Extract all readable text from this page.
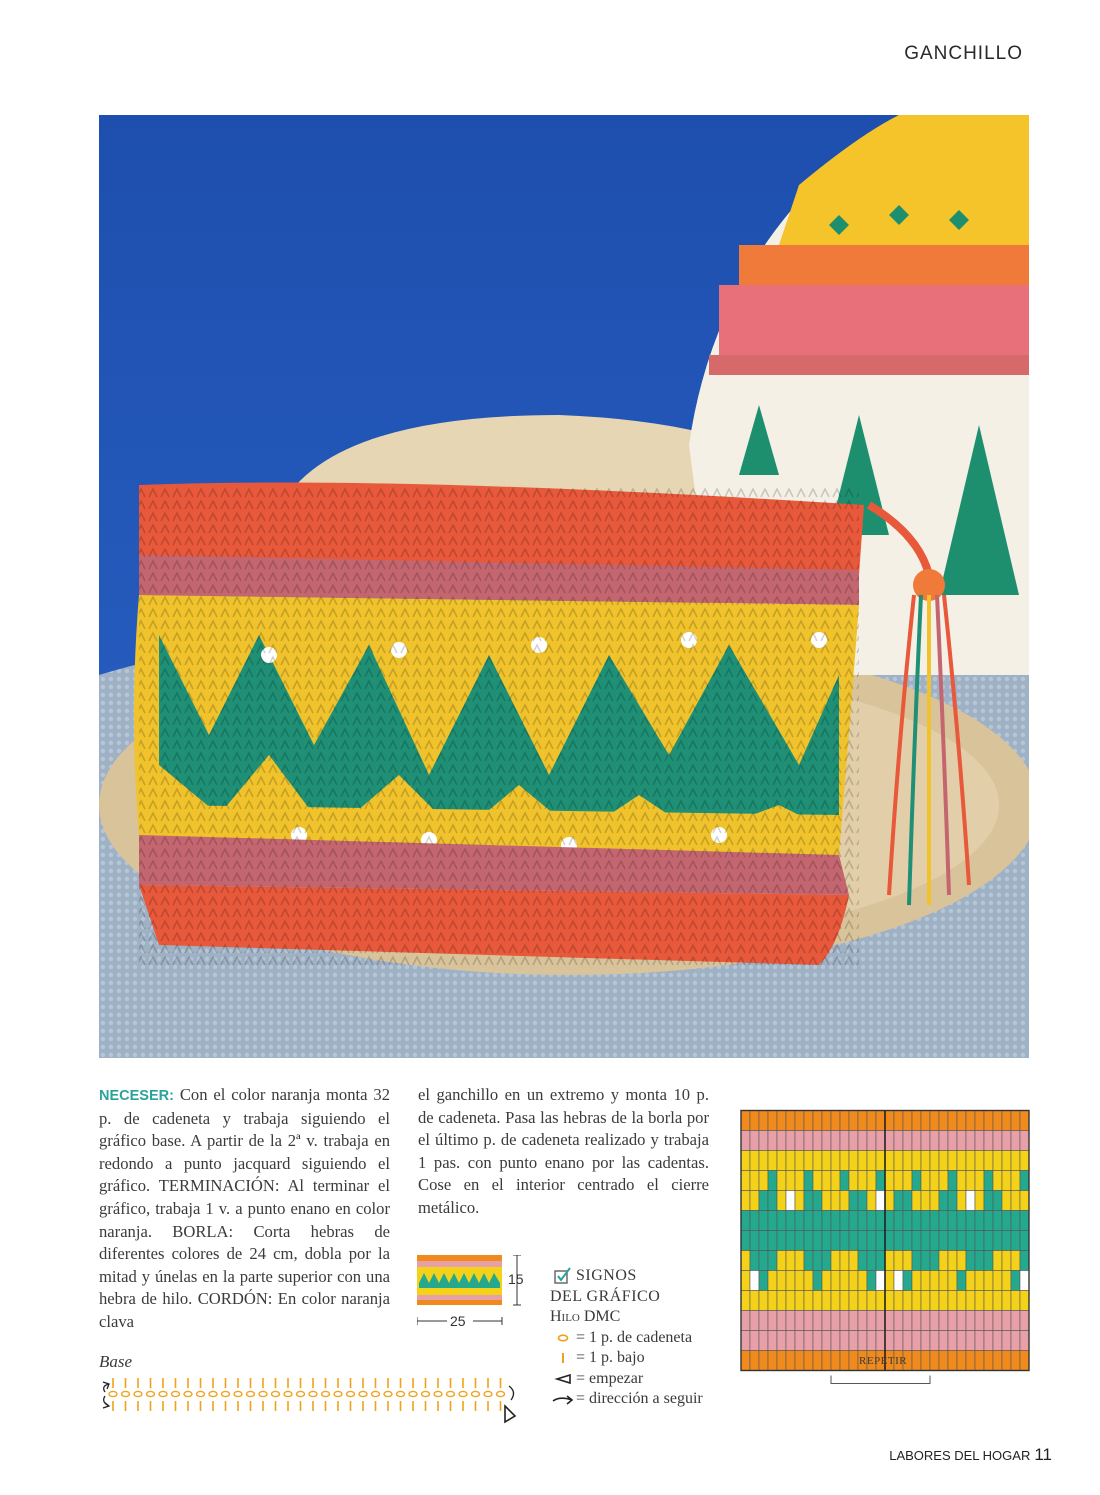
GANCHILLO
NECESER: Con el color naranja monta 32 p. de cadeneta y trabaja siguiendo el gráfico base. A partir de la 2ª v. trabaja en redondo a punto jacquard siguiendo el gráfico. TERMINACIÓN: Al terminar el gráfico, trabaja 1 v. a punto enano en color naranja. BORLA: Corta hebras de diferentes colores de 24 cm, dobla por la mitad y únelas en la parte superior con una hebra de hilo. CORDÓN: En color naranja clava
el ganchillo en un extremo y monta 10 p. de cadeneta. Pasa las hebras de la borla por el último p. de cadeneta realizado y trabaja 1 pas. con punto enano por las cadentas. Cose en el interior centrado el cierre metálico.
Base
15
25
SIGNOS
DEL GRÁFICO
Hilo DMC
= 1 p. de cadeneta
= 1 p. bajo
= empezar
= dirección a seguir
REPETIR
LABORES DEL HOGAR 11
